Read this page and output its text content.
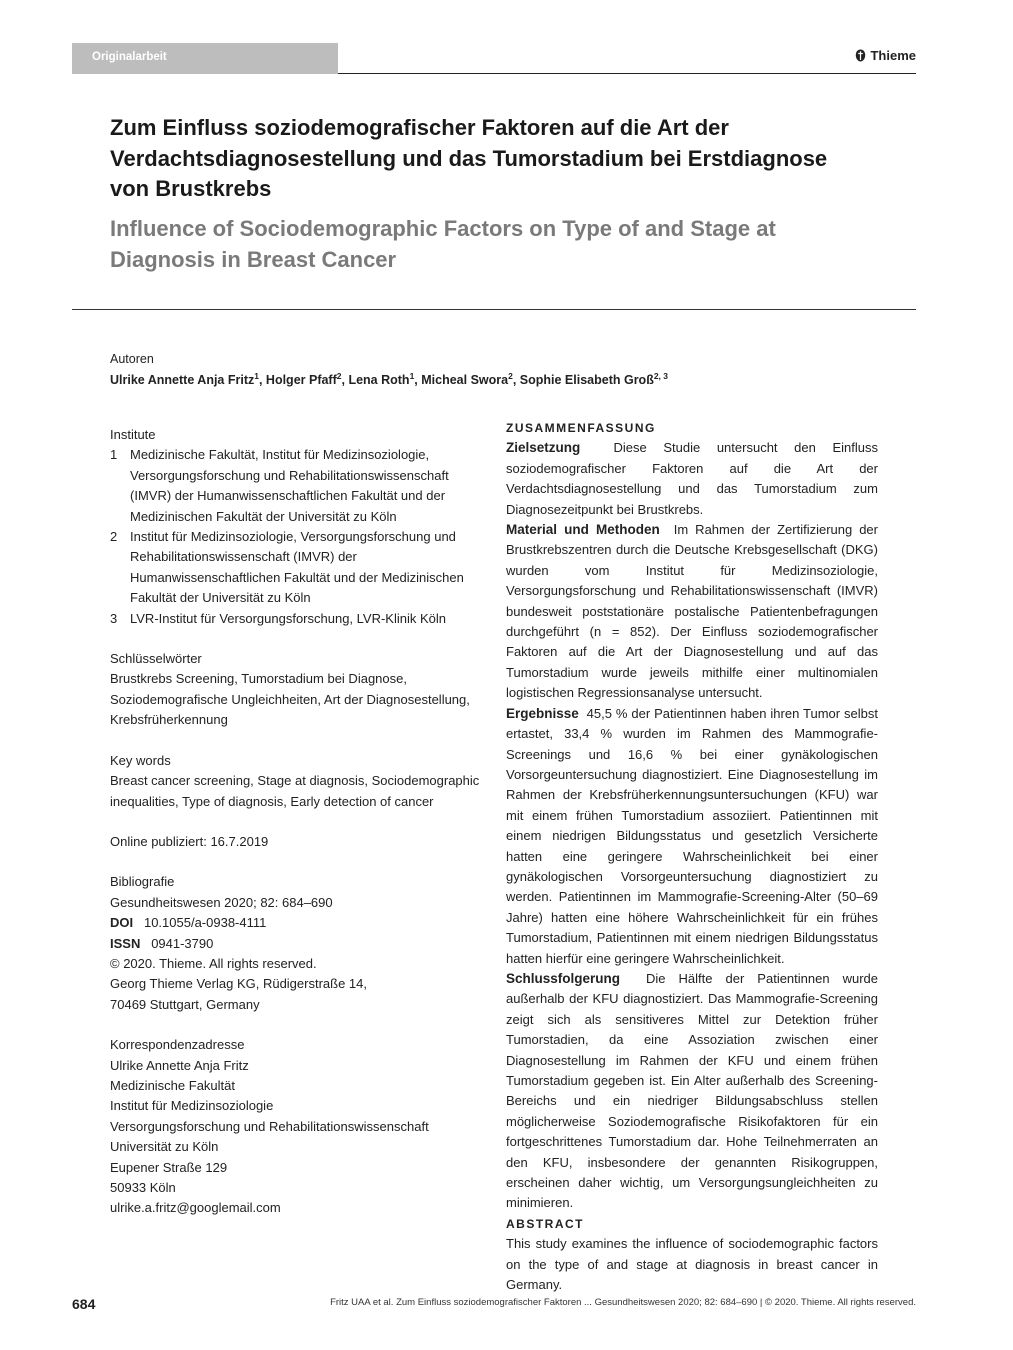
Originalarbeit	Thieme
Zum Einfluss soziodemografischer Faktoren auf die Art der Verdachtsdiagnosestellung und das Tumorstadium bei Erstdiagnose von Brustkrebs
Influence of Sociodemographic Factors on Type of and Stage at Diagnosis in Breast Cancer
Autoren
Ulrike Annette Anja Fritz$^1$, Holger Pfaff$^2$, Lena Roth$^1$, Micheal Swora$^2$, Sophie Elisabeth Groß$^{2, 3}$

Institute

1 Medizinische Fakultät, Institut für Medizinsoziologie, Versorgungsforschung und Rehabilitationswissenschaft (IMVR) der Humanwissenschaftlichen Fakultät und der Medizinischen Fakultät der Universität zu Köln
2 Institut für Medizinsoziologie, Versorgungsforschung und Rehabilitationswissenschaft (IMVR) der Humanwissenschaftlichen Fakultät und der Medizinischen Fakultät der Universität zu Köln
3 LVR-Institut für Versorgungsforschung, LVR-Klinik Köln

Schlüsselwörter

Brustkrebs Screening, Tumorstadium bei Diagnose, Soziodemografische Ungleichheiten, Art der Diagnosestellung, Krebsfrüherkennung

Key words

Breast cancer screening, Stage at diagnosis, Sociodemographic inequalities, Type of diagnosis, Early detection of cancer

Online publiziert: 16.7.2019

Bibliografie

Gesundheitswesen 2020; 82: 684–690

DOI 10.1055/a-0938-4111

ISSN 0941-3790

© 2020. Thieme. All rights reserved.

Georg Thieme Verlag KG, Rüdigerstraße 14,

70469 Stuttgart, Germany

Korrespondenzadresse

Ulrike Annette Anja Fritz

Medizinische Fakultät

Institut für Medizinsoziologie

Versorgungsforschung und Rehabilitationswissenschaft

Universität zu Köln

Eupener Straße 129

50933 Köln

ulrike.a.fritz@googlemail.com

ZUSAMMENFASSUNG

Zielsetzung	Diese Studie untersucht den Einfluss soziodemografischer Faktoren auf die Art der Verdachtsdiagnosestellung und das Tumorstadium zum Diagnosezeitpunkt bei Brustkrebs.

Material und Methoden Im Rahmen der Zertifizierung der Brustkrebszentren durch die Deutsche Krebsgesellschaft (DKG) wurden vom Institut für Medizinsoziologie, Versorgungsforschung und Rehabilitationswissenschaft (IMVR) bundesweit poststationäre postalische Patientenbefragungen durchgeführt (n = 852). Der Einfluss soziodemografischer Faktoren auf die Art der Diagnosestellung und auf das Tumorstadium wurde jeweils mithilfe einer multinomialen logistischen Regressionsanalyse untersucht.

Ergebnisse 45,5 % der Patientinnen haben ihren Tumor selbst ertastet, 33,4 % wurden im Rahmen des Mammografie-Screenings und 16,6 % bei einer gynäkologischen Vorsorgeuntersuchung diagnostiziert. Eine Diagnosestellung im Rahmen der Krebsfrüherkennungsuntersuchungen (KFU) war mit einem frühen Tumorstadium assoziiert. Patientinnen mit einem niedrigen Bildungsstatus und gesetzlich Versicherte hatten eine geringere Wahrscheinlichkeit bei einer gynäkologischen Vorsorgeuntersuchung diagnostiziert zu werden. Patientinnen im Mammografie-Screening-Alter (50–69 Jahre) hatten eine höhere Wahrscheinlichkeit für ein frühes Tumorstadium, Patientinnen mit einem niedrigen Bildungsstatus hatten hierfür eine geringere Wahrscheinlichkeit.

Schlussfolgerung Die Hälfte der Patientinnen wurde außerhalb der KFU diagnostiziert. Das Mammografie-Screening zeigt sich als sensitiveres Mittel zur Detektion früher Tumorstadien, da eine Assoziation zwischen einer Diagnosestellung im Rahmen der KFU und einem frühen Tumorstadium gegeben ist. Ein Alter außerhalb des Screening-Bereichs und ein niedriger Bildungsabschluss stellen möglicherweise Soziodemografische Risikofaktoren für ein fortgeschrittenes Tumorstadium dar. Hohe Teilnehmerraten an den KFU, insbesondere der genannten Risikogruppen, erscheinen daher wichtig, um Versorgungsungleichheiten zu minimieren.

ABSTRACT

This study examines the influence of sociodemographic factors on the type of and stage at diagnosis in breast cancer in Germany.

684	Fritz UAA et al. Zum Einfluss soziodemografischer Faktoren ... Gesundheitswesen 2020; 82: 684–690 | © 2020. Thieme. All rights reserved.
